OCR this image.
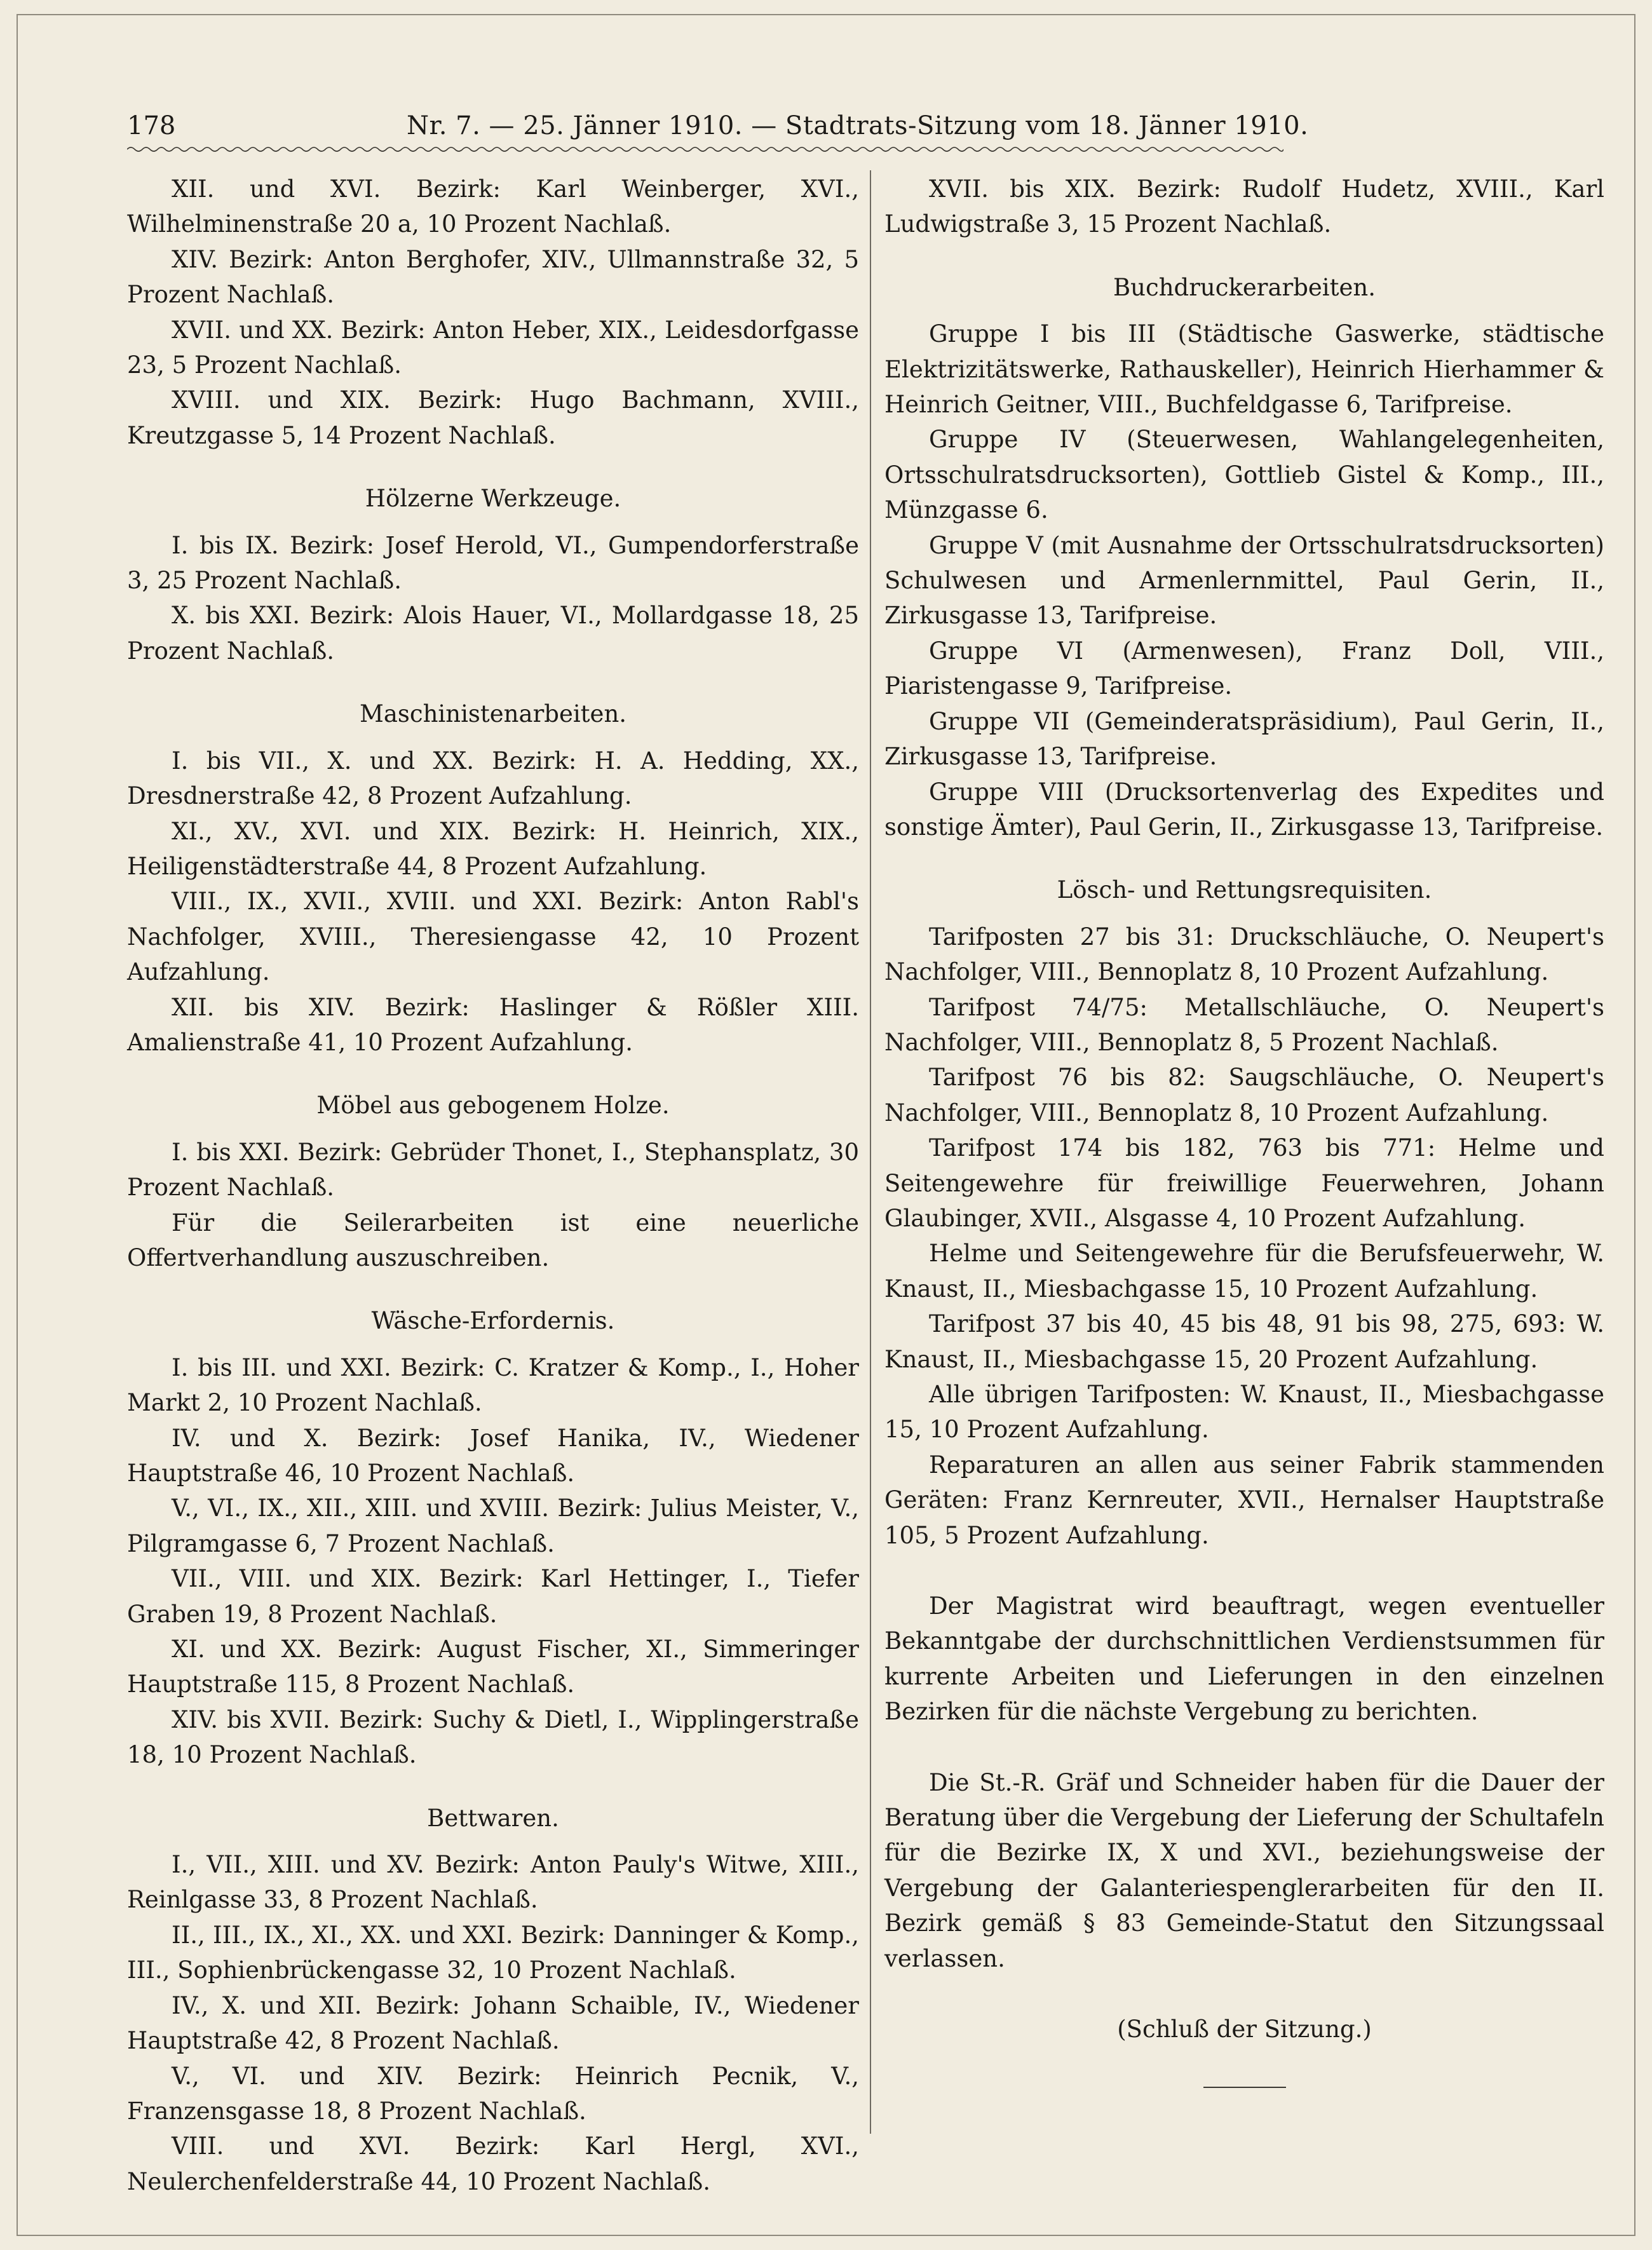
178	Nr. 7. — 25. Jänner 1910. — Stadtrats-Sitzung vom 18. Jänner 1910.

XII. und XVI. Bezirk: Karl Weinberger, XVI., Wilhelminenstraße 20 a, 10 Prozent Nachlaß.

XIV. Bezirk: Anton Berghofer, XIV., Ullmannstraße 32, 5 Prozent Nachlaß.

XVII. und XX. Bezirk: Anton Heber, XIX., Leidesdorfgasse 23, 5 Prozent Nachlaß.

XVIII. und XIX. Bezirk: Hugo Bachmann, XVIII., Kreutzgasse 5, 14 Prozent Nachlaß.

Hölzerne Werkzeuge.

I. bis IX. Bezirk: Josef Herold, VI., Gumpendorferstraße 3, 25 Prozent Nachlaß.

X. bis XXI. Bezirk: Alois Hauer, VI., Mollardgasse 18, 25 Prozent Nachlaß.

Maschinistenarbeiten.

I. bis VII., X. und XX. Bezirk: H. A. Hedding, XX., Dresdnerstraße 42, 8 Prozent Aufzahlung.

XI., XV., XVI. und XIX. Bezirk: H. Heinrich, XIX., Heiligenstädterstraße 44, 8 Prozent Aufzahlung.

VIII., IX., XVII., XVIII. und XXI. Bezirk: Anton Rabl's Nachfolger, XVIII., Theresiengasse 42, 10 Prozent Aufzahlung.

XII. bis XIV. Bezirk: Haslinger & Rößler XIII. Amalienstraße 41, 10 Prozent Aufzahlung.

Möbel aus gebogenem Holze.

I. bis XXI. Bezirk: Gebrüder Thonet, I., Stephansplatz, 30 Prozent Nachlaß.

Für die Seilerarbeiten ist eine neuerliche Offertverhandlung auszuschreiben.

Wäsche-Erfordernis.

I. bis III. und XXI. Bezirk: C. Kratzer & Komp., I., Hoher Markt 2, 10 Prozent Nachlaß.

IV. und X. Bezirk: Josef Hanika, IV., Wiedener Hauptstraße 46, 10 Prozent Nachlaß.

V., VI., IX., XII., XIII. und XVIII. Bezirk: Julius Meister, V., Pilgramgasse 6, 7 Prozent Nachlaß.

VII., VIII. und XIX. Bezirk: Karl Hettinger, I., Tiefer Graben 19, 8 Prozent Nachlaß.

XI. und XX. Bezirk: August Fischer, XI., Simmeringer Hauptstraße 115, 8 Prozent Nachlaß.

XIV. bis XVII. Bezirk: Suchy & Dietl, I., Wipplingerstraße 18, 10 Prozent Nachlaß.

Bettwaren.

I., VII., XIII. und XV. Bezirk: Anton Pauly's Witwe, XIII., Reinlgasse 33, 8 Prozent Nachlaß.

II., III., IX., XI., XX. und XXI. Bezirk: Danninger & Komp., III., Sophienbrückengasse 32, 10 Prozent Nachlaß.

IV., X. und XII. Bezirk: Johann Schaible, IV., Wiedener Hauptstraße 42, 8 Prozent Nachlaß.

V., VI. und XIV. Bezirk: Heinrich Pecnik, V., Franzensgasse 18, 8 Prozent Nachlaß.

VIII. und XVI. Bezirk: Karl Hergl, XVI., Neulerchenfelderstraße 44, 10 Prozent Nachlaß.

XVII. bis XIX. Bezirk: Rudolf Hudetz, XVIII., Karl Ludwigstraße 3, 15 Prozent Nachlaß.

Buchdruckerarbeiten.

Gruppe I bis III (Städtische Gaswerke, städtische Elektrizitätswerke, Rathauskeller), Heinrich Hierhammer & Heinrich Geitner, VIII., Buchfeldgasse 6, Tarifpreise.

Gruppe IV (Steuerwesen, Wahlangelegenheiten, Ortsschulratsdrucksorten), Gottlieb Gistel & Komp., III., Münzgasse 6.

Gruppe V (mit Ausnahme der Ortsschulratsdrucksorten) Schulwesen und Armenlernmittel, Paul Gerin, II., Zirkusgasse 13, Tarifpreise.

Gruppe VI (Armenwesen), Franz Doll, VIII., Piaristengasse 9, Tarifpreise.

Gruppe VII (Gemeinderatspräsidium), Paul Gerin, II., Zirkusgasse 13, Tarifpreise.

Gruppe VIII (Drucksortenverlag des Expedites und sonstige Ämter), Paul Gerin, II., Zirkusgasse 13, Tarifpreise.

Lösch- und Rettungsrequisiten.

Tarifposten 27 bis 31: Druckschläuche, O. Neupert's Nachfolger, VIII., Bennoplatz 8, 10 Prozent Aufzahlung.

Tarifpost 74/75: Metallschläuche, O. Neupert's Nachfolger, VIII., Bennoplatz 8, 5 Prozent Nachlaß.

Tarifpost 76 bis 82: Saugschläuche, O. Neupert's Nachfolger, VIII., Bennoplatz 8, 10 Prozent Aufzahlung.

Tarifpost 174 bis 182, 763 bis 771: Helme und Seitengewehre für freiwillige Feuerwehren, Johann Glaubinger, XVII., Alsgasse 4, 10 Prozent Aufzahlung.

Helme und Seitengewehre für die Berufsfeuerwehr, W. Knaust, II., Miesbachgasse 15, 10 Prozent Aufzahlung.

Tarifpost 37 bis 40, 45 bis 48, 91 bis 98, 275, 693: W. Knaust, II., Miesbachgasse 15, 20 Prozent Aufzahlung.

Alle übrigen Tarifposten: W. Knaust, II., Miesbachgasse 15, 10 Prozent Aufzahlung.

Reparaturen an allen aus seiner Fabrik stammenden Geräten: Franz Kernreuter, XVII., Hernalser Hauptstraße 105, 5 Prozent Aufzahlung.

Der Magistrat wird beauftragt, wegen eventueller Bekanntgabe der durchschnittlichen Verdienstsummen für kurrente Arbeiten und Lieferungen in den einzelnen Bezirken für die nächste Vergebung zu berichten.

Die St.-R. Gräf und Schneider haben für die Dauer der Beratung über die Vergebung der Lieferung der Schultafeln für die Bezirke IX, X und XVI., beziehungsweise der Vergebung der Galanteriespenglerarbeiten für den II. Bezirk gemäß § 83 Gemeinde-Statut den Sitzungssaal verlassen.

(Schluß der Sitzung.)
